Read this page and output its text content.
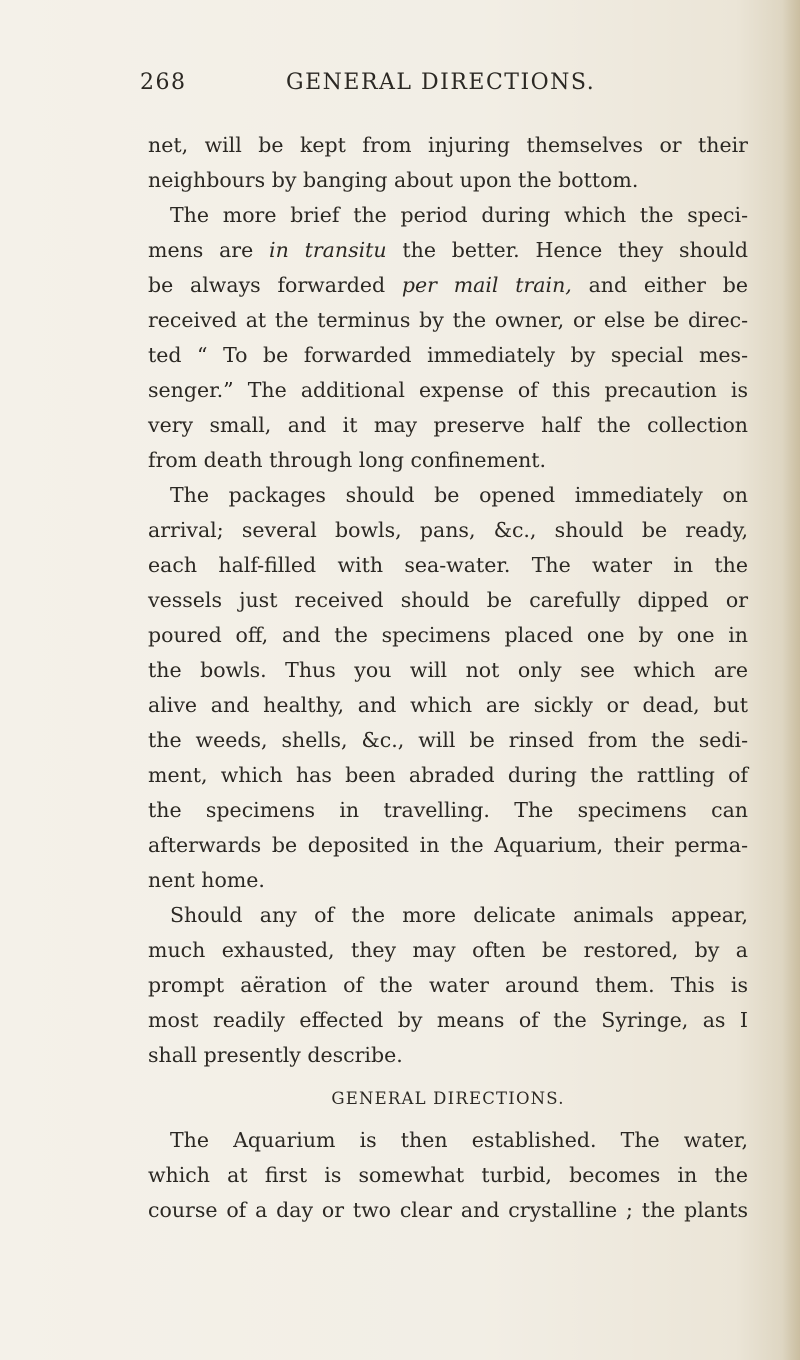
268	GENERAL DIRECTIONS.
net, will be kept from injuring themselves or their
neighbours by banging about upon the bottom.
The more brief the period during which the speci-
mens are in transitu the better. Hence they should
be always forwarded per mail train, and either be
received at the terminus by the owner, or else be direc-
ted “ To be forwarded immediately by special mes-
senger.” The additional expense of this precaution is
very small, and it may preserve half the collection
from death through long confinement.
The packages should be opened immediately on
arrival; several bowls, pans, &c., should be ready,
each half-filled with sea-water. The water in the
vessels just received should be carefully dipped or
poured off, and the specimens placed one by one in
the bowls. Thus you will not only see which are
alive and healthy, and which are sickly or dead, but
the weeds, shells, &c., will be rinsed from the sedi-
ment, which has been abraded during the rattling of
the specimens in travelling. The specimens can
afterwards be deposited in the Aquarium, their perma-
nent home.
Should any of the more delicate animals appear,
much exhausted, they may often be restored, by a
prompt aëration of the water around them. This is
most readily effected by means of the Syringe, as I
shall presently describe.
GENERAL DIRECTIONS.
The Aquarium is then established. The water,
which at first is somewhat turbid, becomes in the
course of a day or two clear and crystalline ; the plants
